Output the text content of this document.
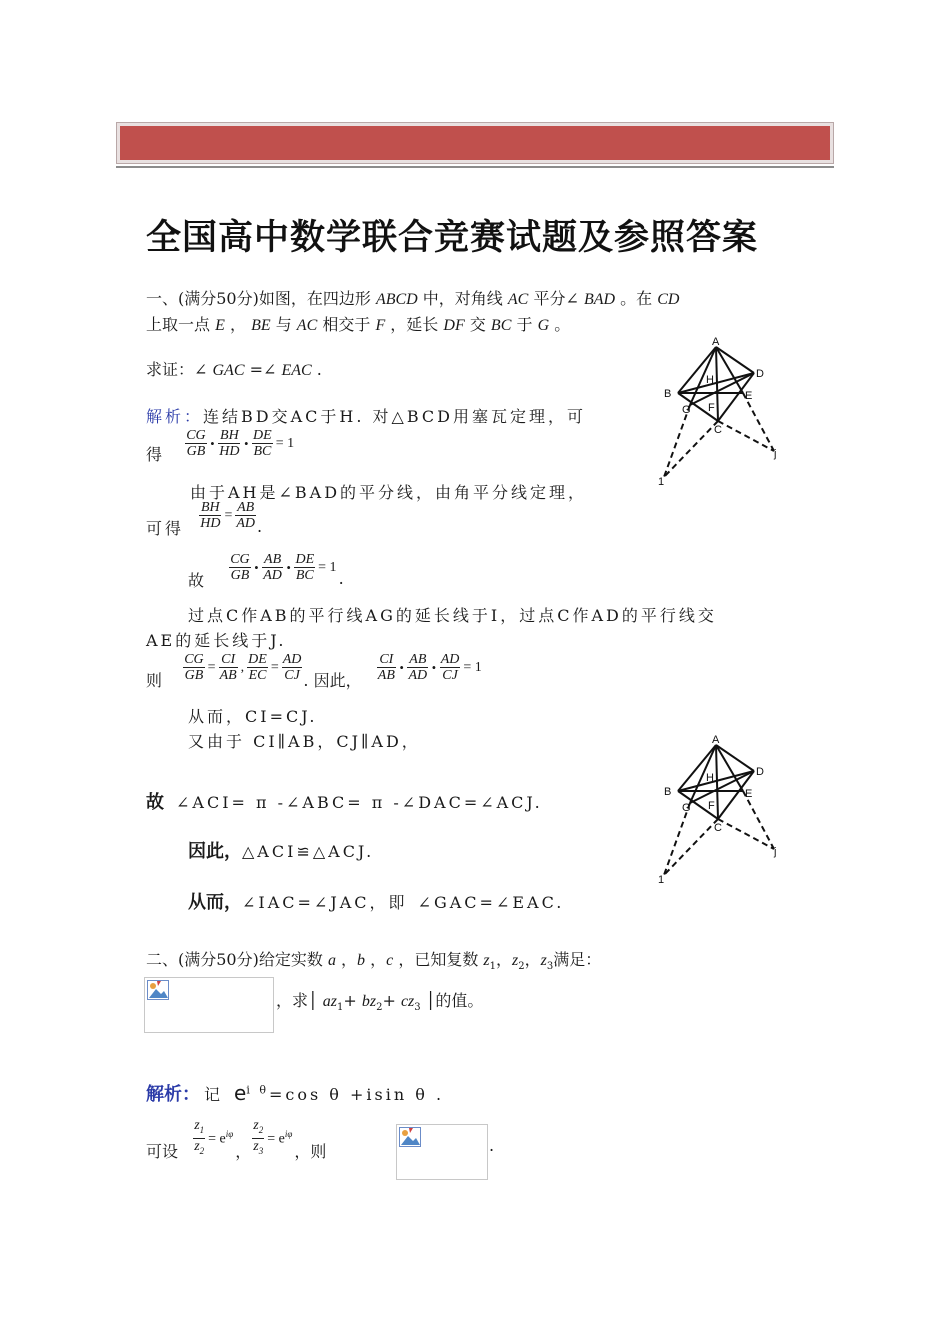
全国高中数学联合竞赛试题及参照答案
一、(满分50分)如图，在四边形 ABCD 中，对角线 AC 平分∠ BAD 。在 CD
上取一点 E ， BE 与 AC 相交于 F ，延长 DF 交 BC 于 G 。
求证：∠ GAC =∠ EAC .
解析：连结BD交AC于H. 对△BCD用塞瓦定理，可
得 $\frac{CG}{GB} \cdot \frac{BH}{HD} \cdot \frac{DE}{BC} = 1$
由于AH是∠BAD的平分线，由角平分线定理，
可得 $\frac{BH}{HD} = \frac{AB}{AD}$ .
故 $\frac{CG}{GB} \cdot \frac{AB}{AD} \cdot \frac{DE}{BC} = 1$.
过点C作AB的平行线AG的延长线于I，过点C作AD的平行线交
AE的延长线于J.
则 $\frac{CG}{GB} = \frac{CI}{AB}$ , $\frac{DE}{EC} = \frac{AD}{CJ}$ . 因此， $\frac{CI}{AB} \cdot \frac{AB}{AD} \cdot \frac{AD}{CJ} = 1$
从而，CI=CJ.
又由于 CI∥AB，CJ∥AD，
故 ∠ACI= π -∠ABC= π -∠DAC=∠ACJ.
因此，△ACI≌△ACJ.
从而，∠IAC=∠JAC，即 ∠GAC=∠EAC.
二、(满分50分)给定实数 a ，b ，c ，已知复数 $z_1$，$z_2$，$z_3$满足：
，求│ $az_1+ bz_2+ cz_3$ │的值。
解析： 记 $e^{i \theta}=\cos$ θ +isin θ .
可设 $\frac{z_1}{z_2} = e^{i\varphi}$， $\frac{z_2}{z_3} = e^{i\varphi}$，则	.
A
B
C
D
E
F
G
H
1
j
A
B
C
D
E
F
G
H
1
j
